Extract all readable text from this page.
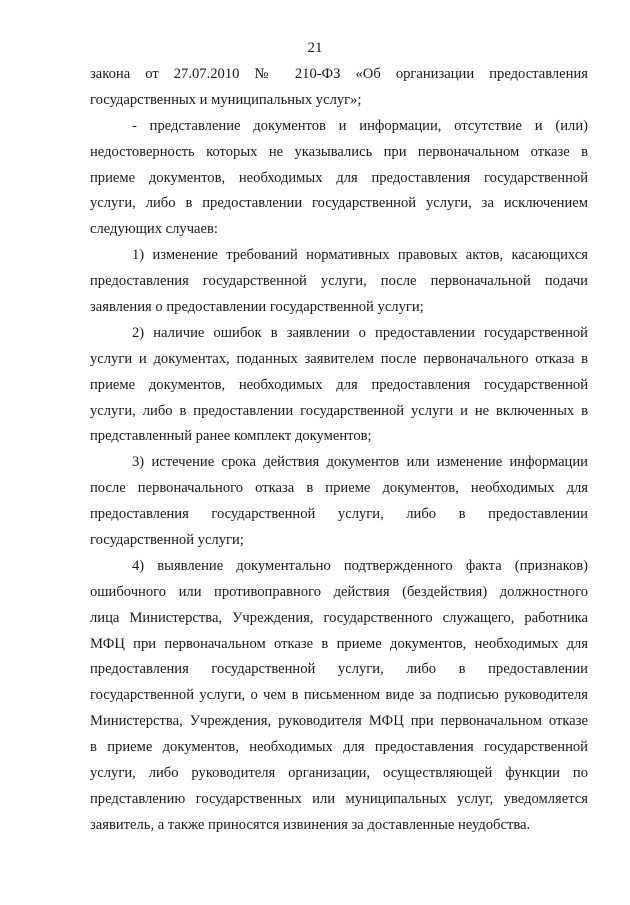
21
закона от 27.07.2010 № 210-ФЗ «Об организации предоставления
государственных и муниципальных услуг»;
- представление документов и информации, отсутствие и (или)
недостоверность которых не указывались при первоначальном отказе в
приеме документов, необходимых для предоставления государственной
услуги, либо в предоставлении государственной услуги, за исключением
следующих случаев:
1) изменение требований нормативных правовых актов, касающихся
предоставления государственной услуги, после первоначальной подачи
заявления о предоставлении государственной услуги;
2) наличие ошибок в заявлении о предоставлении государственной
услуги и документах, поданных заявителем после первоначального отказа в
приеме документов, необходимых для предоставления государственной
услуги, либо в предоставлении государственной услуги и не включенных в
представленный ранее комплект документов;
3) истечение срока действия документов или изменение информации
после первоначального отказа в приеме документов, необходимых для
предоставления государственной услуги, либо в предоставлении
государственной услуги;
4) выявление документально подтвержденного факта (признаков)
ошибочного или противоправного действия (бездействия) должностного
лица Министерства, Учреждения, государственного служащего, работника
МФЦ при первоначальном отказе в приеме документов, необходимых для
предоставления государственной услуги, либо в предоставлении
государственной услуги, о чем в письменном виде за подписью руководителя
Министерства, Учреждения, руководителя МФЦ при первоначальном отказе
в приеме документов, необходимых для предоставления государственной
услуги, либо руководителя организации, осуществляющей функции по
представлению государственных или муниципальных услуг, уведомляется
заявитель, а также приносятся извинения за доставленные неудобства.
